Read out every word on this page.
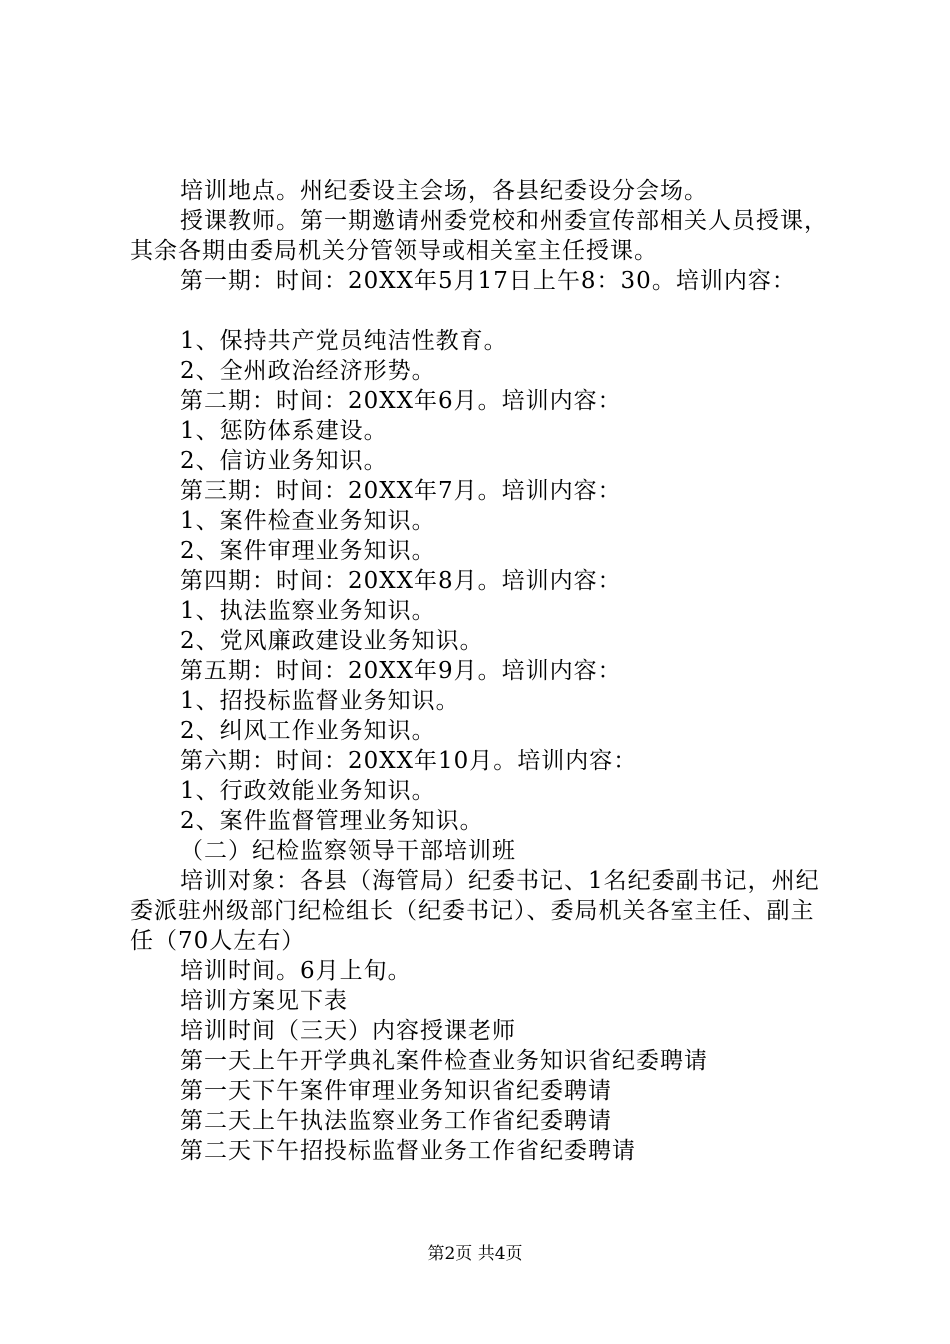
培训地点。州纪委设主会场，各县纪委设分会场。

授课教师。第一期邀请州委党校和州委宣传部相关人员授课，其余各期由委局机关分管领导或相关室主任授课。

第一期：时间：20XX年5月17日上午8：30。培训内容：

1、保持共产党员纯洁性教育。

2、全州政治经济形势。

第二期：时间：20XX年6月。培训内容：

1、惩防体系建设。

2、信访业务知识。

第三期：时间：20XX年7月。培训内容：

1、案件检查业务知识。

2、案件审理业务知识。

第四期：时间：20XX年8月。培训内容：

1、执法监察业务知识。

2、党风廉政建设业务知识。

第五期：时间：20XX年9月。培训内容：

1、招投标监督业务知识。

2、纠风工作业务知识。

第六期：时间：20XX年10月。培训内容：

1、行政效能业务知识。

2、案件监督管理业务知识。

（二）纪检监察领导干部培训班

培训对象：各县（海管局）纪委书记、1名纪委副书记，州纪委派驻州级部门纪检组长（纪委书记）、委局机关各室主任、副主任（70人左右）

培训时间。6月上旬。

培训方案见下表

培训时间（三天）内容授课老师

第一天上午开学典礼案件检查业务知识省纪委聘请

第一天下午案件审理业务知识省纪委聘请

第二天上午执法监察业务工作省纪委聘请

第二天下午招投标监督业务工作省纪委聘请

第2页 共4页
